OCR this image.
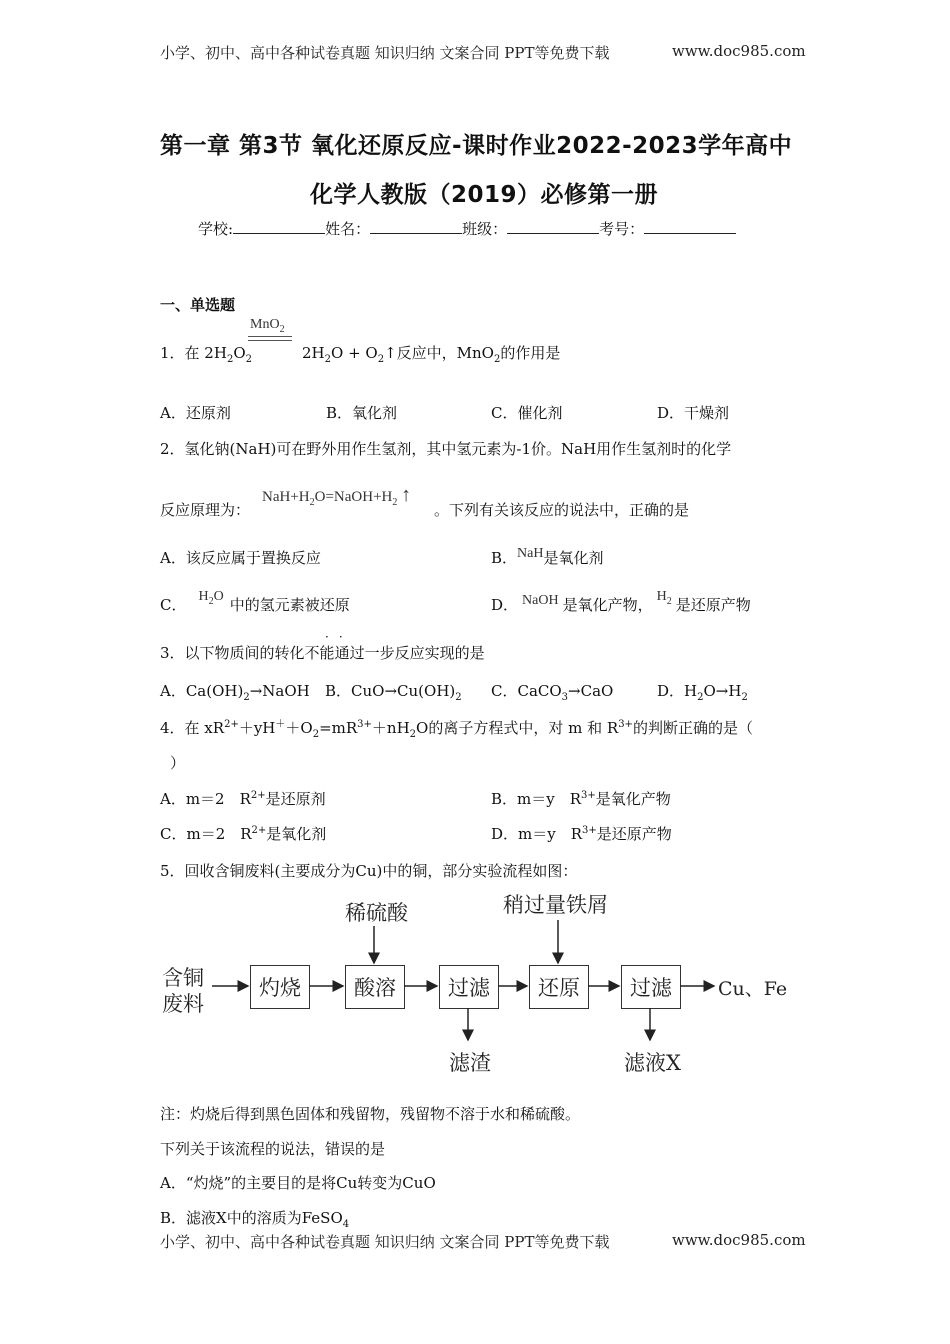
小学、初中、高中各种试卷真题 知识归纳 文案合同 PPT等免费下载	www.doc985.com
第一章 第3节 氧化还原反应-课时作业2022-2023学年高中
化学人教版（2019）必修第一册
学校:	姓名：	班级：	考号：
一、单选题
MnO$_2$
1．在 $2H_2O_2$	$2H_2O$ + $O_2↑$反应中，MnO$_2$的作用是
A．还原剂	B．氧化剂	C．催化剂	D．干燥剂
2．氢化钠(NaH)可在野外用作生氢剂，其中氢元素为-1价。NaH用作生氢剂时的化学
$NaH+H_2O=NaOH+H_2$ ↑
反应原理为：	。下列有关该反应的说法中，正确的是
A．该反应属于置换反应	B．NaH是氧化剂
C． $H_2O$ 中的氢元素被还原	D． NaOH 是氧化产物， $H_2$ 是还原产物
··
3．以下物质间的转化不能通过一步反应实现的是
A．$Ca(OH)_2\to NaOH$ B．$CuO\to Cu(OH)_2$ C．CaCO$_3$→CaO	D．$H_2O\to H_2$
4．在 $xR^{2+}+yH^++O_2=mR^{3+}+nH_2O$的离子方程式中，对 m 和 $R^{3+}$的判断正确的是（
）
A．m＝2　$R^{2+}$是还原剂	B．m＝y　$R^{3+}$是氧化产物
C．m＝2　$R^{2+}$是氧化剂	D．m＝y　$R^{3+}$是还原产物
5．回收含铜废料(主要成分为Cu)中的铜，部分实验流程如图：
含铜
废料
灼烧	酸溶	过滤	还原	过滤
稀硫酸	稍过量铁屑
滤渣	滤液X
Cu、Fe
注：灼烧后得到黑色固体和残留物，残留物不溶于水和稀硫酸。
下列关于该流程的说法，错误的是
A．“灼烧”的主要目的是将Cu转变为CuO
B．滤液X中的溶质为FeSO$_4$
小学、初中、高中各种试卷真题 知识归纳 文案合同 PPT等免费下载	www.doc985.com
